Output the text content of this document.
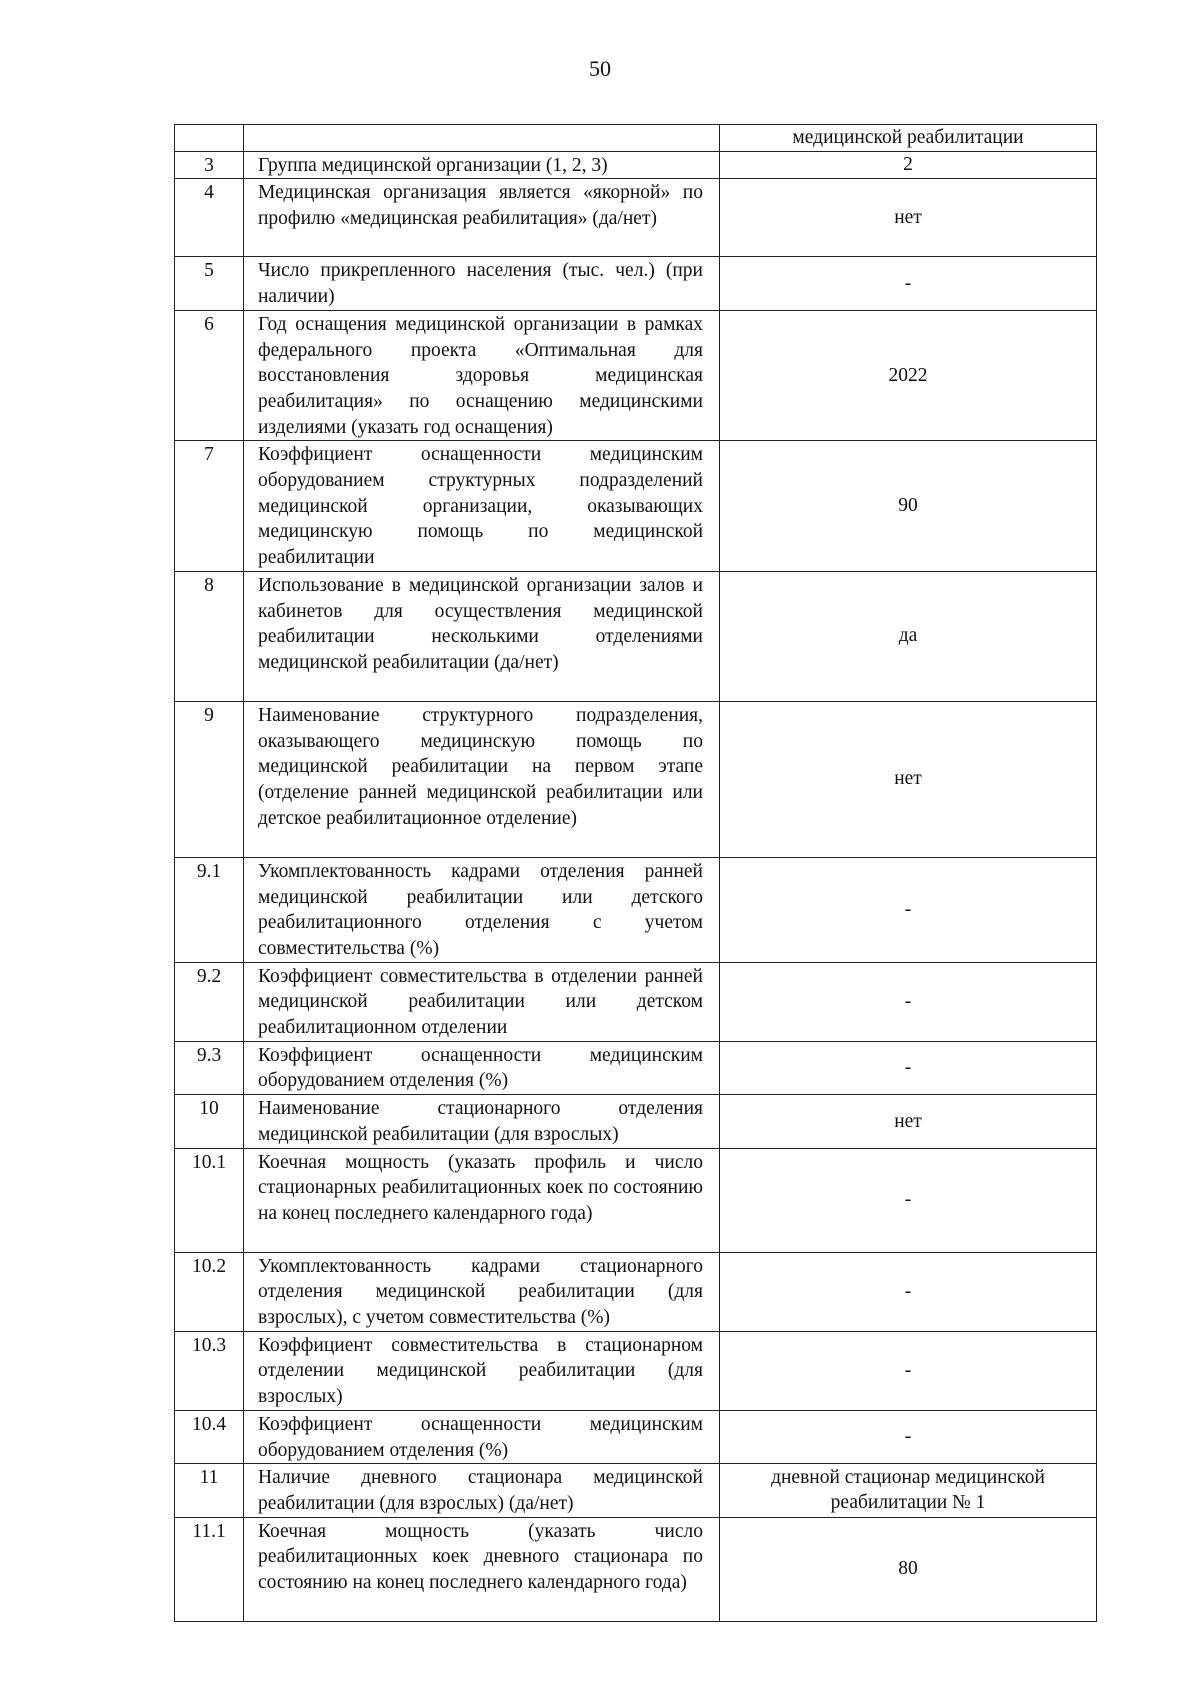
50
		медицинской реабилитации
3	Группа медицинской организации (1, 2, 3)	2
4	Медицинская организация является «якорной» по профилю «медицинская реабилитация» (да/нет)	нет
5	Число прикрепленного населения (тыс. чел.) (при наличии)	-
6	Год оснащения медицинской организации в рамках федерального проекта «Оптимальная для восстановления здоровья медицинская реабилитация» по оснащению медицинскими изделиями (указать год оснащения)	2022
7	Коэффициент оснащенности медицинским оборудованием структурных подразделений медицинской организации, оказывающих медицинскую помощь по медицинской реабилитации	90
8	Использование в медицинской организации залов и кабинетов для осуществления медицинской реабилитации несколькими отделениями медицинской реабилитации (да/нет)	да
9	Наименование структурного подразделения, оказывающего медицинскую помощь по медицинской реабилитации на первом этапе (отделение ранней медицинской реабилитации или детское реабилитационное отделение)	нет
9.1	Укомплектованность кадрами отделения ранней медицинской реабилитации или детского реабилитационного отделения с учетом совместительства (%)	-
9.2	Коэффициент совместительства в отделении ранней медицинской реабилитации или детском реабилитационном отделении	-
9.3	Коэффициент оснащенности медицинским оборудованием отделения (%)	-
10	Наименование стационарного отделения медицинской реабилитации (для взрослых)	нет
10.1	Коечная мощность (указать профиль и число стационарных реабилитационных коек по состоянию на конец последнего календарного года)	-
10.2	Укомплектованность кадрами стационарного отделения медицинской реабилитации (для взрослых), с учетом совместительства (%)	-
10.3	Коэффициент совместительства в стационарном отделении медицинской реабилитации (для взрослых)	-
10.4	Коэффициент оснащенности медицинским оборудованием отделения (%)	-
11	Наличие дневного стационара медицинской реабилитации (для взрослых) (да/нет)	дневной стационар медицинской реабилитации № 1
11.1	Коечная мощность (указать число реабилитационных коек дневного стационара по состоянию на конец последнего календарного года)	80
